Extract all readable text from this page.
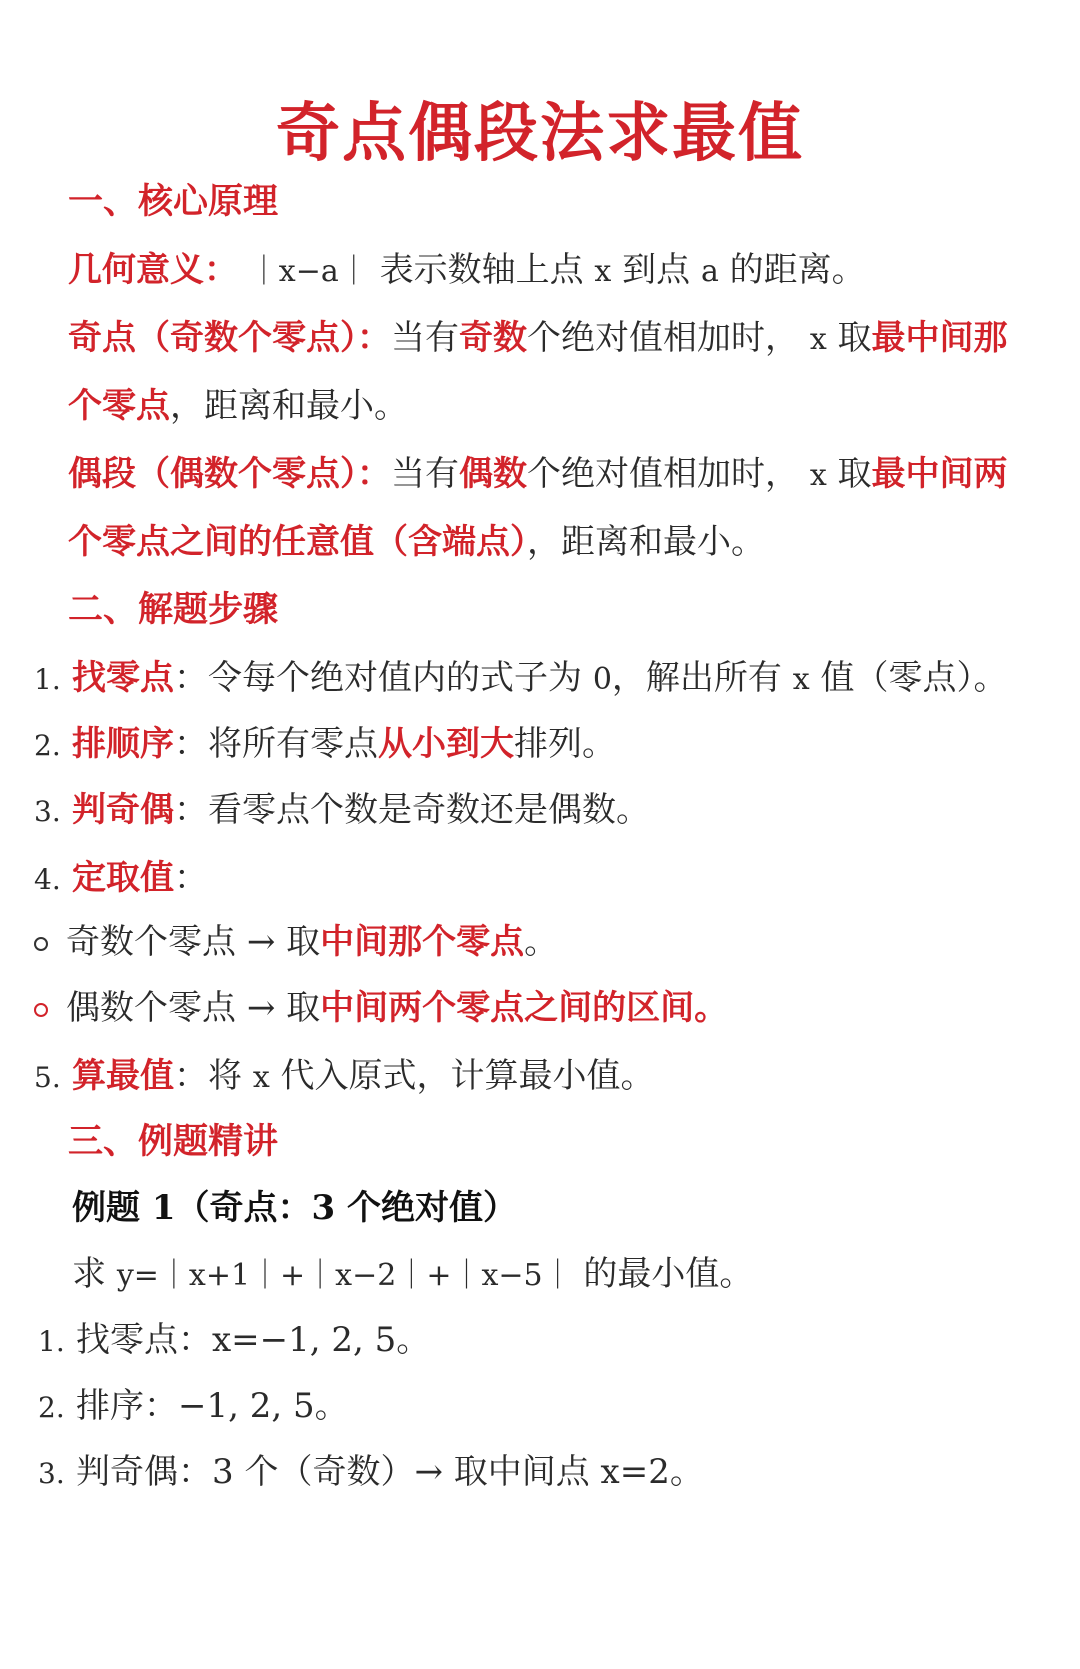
奇点偶段法求最值

一、核心原理

几何意义： ｜x−a｜ 表示数轴上点 x 到点 a 的距离。

奇点（奇数个零点）：当有奇数个绝对值相加时， x 取最中间那

个零点，距离和最小。

偶段（偶数个零点）：当有偶数个绝对值相加时， x 取最中间两

个零点之间的任意值（含端点），距离和最小。

二、解题步骤

1. 找零点：令每个绝对值内的式子为 0，解出所有 x 值（零点）。

2. 排顺序：将所有零点从小到大排列。

3. 判奇偶：看零点个数是奇数还是偶数。

4. 定取值：

奇数个零点 → 取中间那个零点。

偶数个零点 → 取中间两个零点之间的区间。

5. 算最值：将 x 代入原式，计算最小值。

三、例题精讲

例题 1（奇点：3 个绝对值）

求 y=｜x+1｜+｜x−2｜+｜x−5｜ 的最小值。

1. 找零点：x=−1, 2, 5。

2. 排序：−1, 2, 5。

3. 判奇偶：3 个（奇数）→ 取中间点 x=2。
